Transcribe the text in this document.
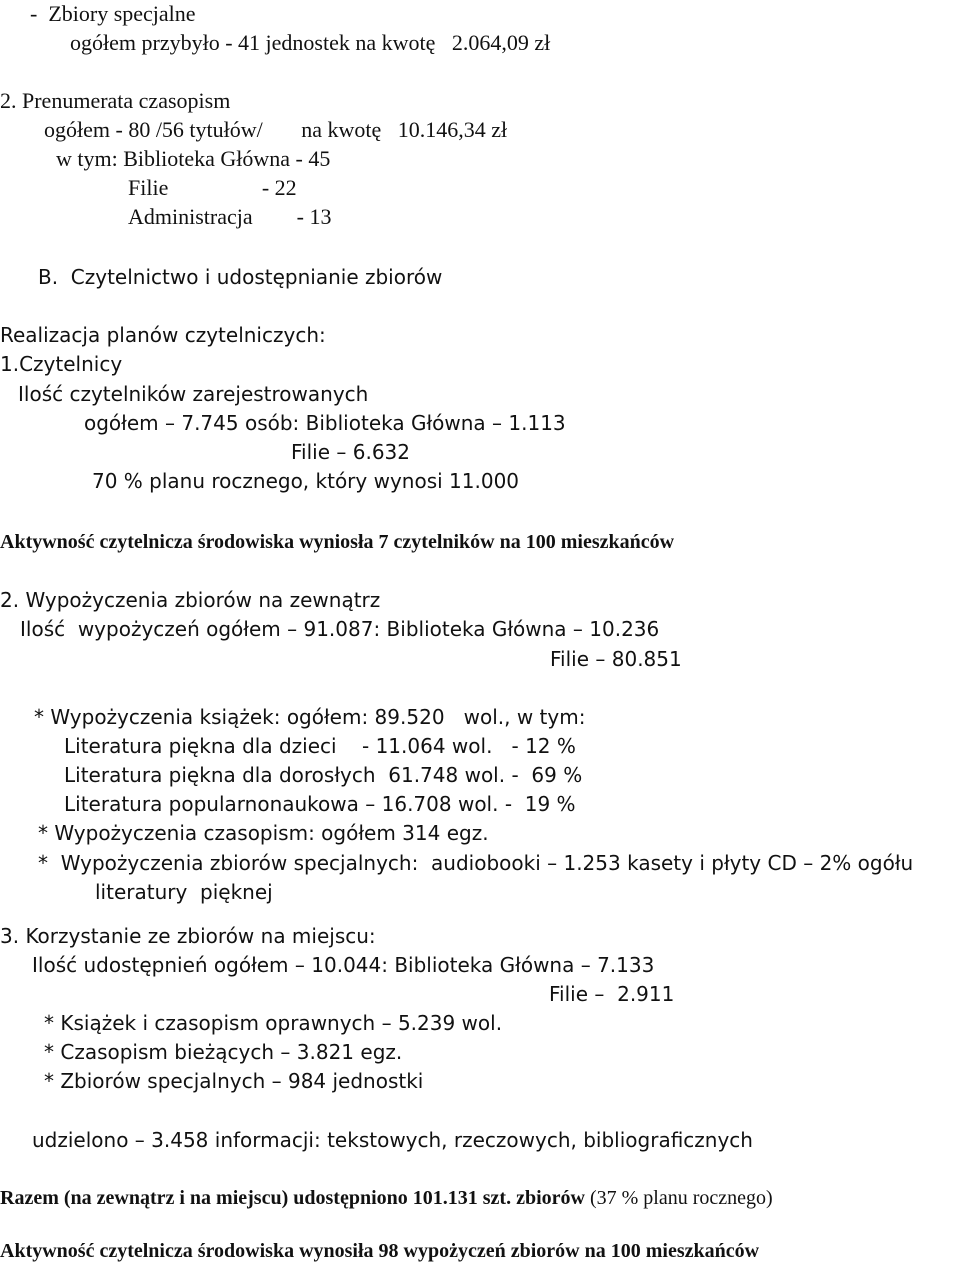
-  Zbiory specjalne

ogółem przybyło - 41 jednostek na kwotę   2.064,09 zł

2. Prenumerata czasopism

ogółem - 80 /56 tytułów/       na kwotę   10.146,34 zł

w tym: Biblioteka Główna - 45

Filie                 - 22

Administracja        - 13

B.  Czytelnictwo i udostępnianie zbiorów

Realizacja planów czytelniczych:

1.Czytelnicy

Ilość czytelników zarejestrowanych

ogółem – 7.745 osób: Biblioteka Główna – 1.113

Filie – 6.632

70 % planu rocznego, który wynosi 11.000

Aktywność czytelnicza środowiska wyniosła 7 czytelników na 100 mieszkańców

2. Wypożyczenia zbiorów na zewnątrz

Ilość  wypożyczeń ogółem – 91.087: Biblioteka Główna – 10.236

Filie – 80.851

* Wypożyczenia książek: ogółem: 89.520   wol., w tym:

Literatura piękna dla dzieci    - 11.064 wol.   - 12 %

Literatura piękna dla dorosłych  61.748 wol. -  69 %

Literatura popularnonaukowa – 16.708 wol. -  19 %

* Wypożyczenia czasopism: ogółem 314 egz.

*  Wypożyczenia zbiorów specjalnych:  audiobooki – 1.253 kasety i płyty CD – 2% ogółu

literatury  pięknej

3. Korzystanie ze zbiorów na miejscu:

Ilość udostępnień ogółem – 10.044: Biblioteka Główna – 7.133

Filie –  2.911

* Książek i czasopism oprawnych – 5.239 wol.

* Czasopism bieżących – 3.821 egz.

* Zbiorów specjalnych – 984 jednostki

udzielono – 3.458 informacji: tekstowych, rzeczowych, bibliograficznych

Razem (na zewnątrz i na miejscu) udostępniono 101.131 szt. zbiorów (37 % planu rocznego)

Aktywność czytelnicza środowiska wynosiła 98 wypożyczeń zbiorów na 100 mieszkańców
